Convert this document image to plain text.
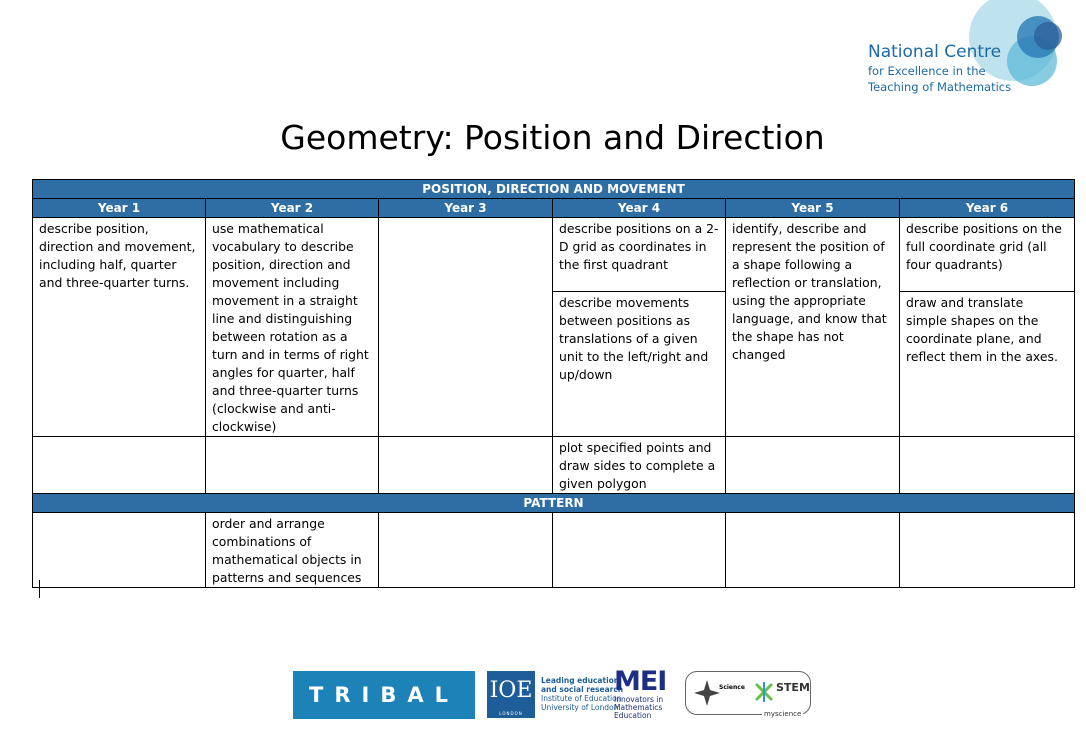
National Centre
for Excellence in the
Teaching of Mathematics
Geometry: Position and Direction
POSITION, DIRECTION AND MOVEMENT					
Year 1	Year 2	Year 3	Year 4	Year 5	Year 6
describe position, direction and movement, including half, quarter and three-quarter turns.	use mathematical vocabulary to describe position, direction and movement including movement in a straight line and distinguishing between rotation as a turn and in terms of right angles for quarter, half and three-quarter turns (clockwise and anti-clockwise)		describe positions on a 2-D grid as coordinates in the first quadrant	identify, describe and represent the position of a shape following a reflection or translation, using the appropriate language, and know that the shape has not changed	describe positions on the full coordinate grid (all four quadrants)
			describe movements between positions as translations of a given unit to the left/right and up/down		draw and translate simple shapes on the coordinate plane, and reflect them in the axes.
			plot specified points and draw sides to complete a given polygon		
PATTERN					
	order and arrange combinations of mathematical objects in patterns and sequences				
TRIBAL	IOE
LONDON
Leading education
and social research
Institute of Education
University of London
MEI
Innovators in
Mathematics
Education
Science	STEM
myscience
